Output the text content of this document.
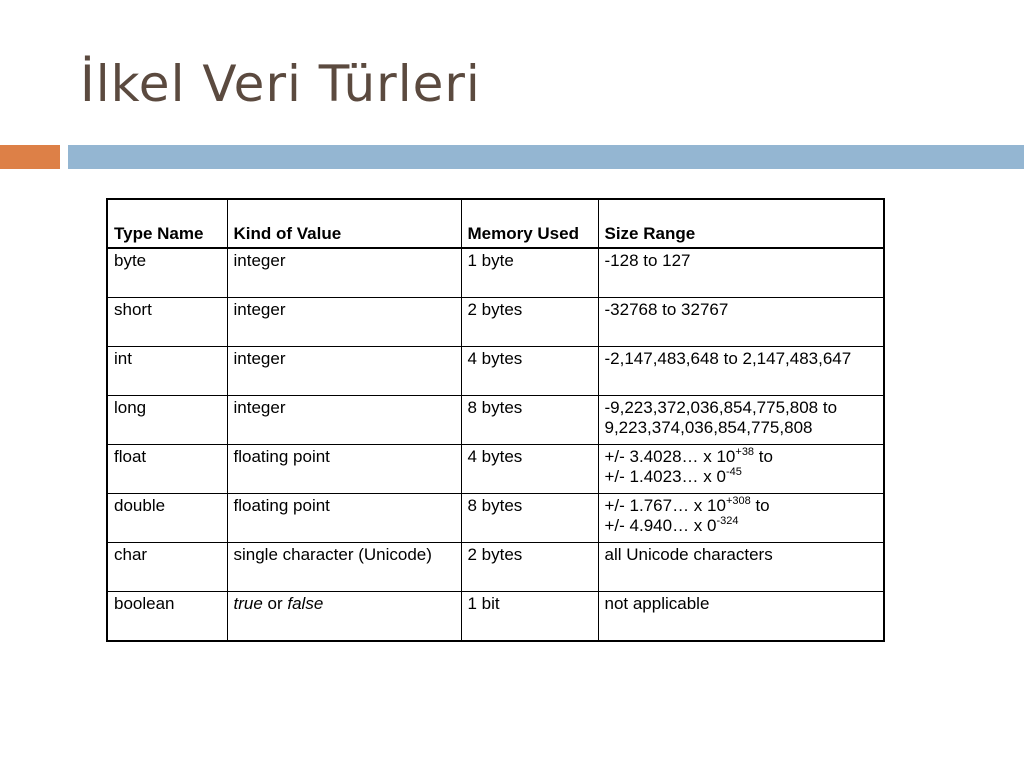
İlkel Veri Türleri
Type Name	Kind of Value	Memory Used	Size Range
byte	integer	1 byte	-128 to 127
short	integer	2 bytes	-32768 to 32767
int	integer	4 bytes	-2,147,483,648 to 2,147,483,647
long	integer	8 bytes	-9,223,372,036,854,775,808 to
9,223,374,036,854,775,808

float	floating point	4 bytes	+/- 3.4028… x $10^{+38}$ to
+/- 1.4023… x $0^{-45}$

double	floating point	8 bytes	+/- 1.767… x $10^{+308}$ to
+/- 4.940… x $0^{-324}$

char	single character (Unicode)	2 bytes	all Unicode characters
boolean	true or false	1 bit	not applicable
